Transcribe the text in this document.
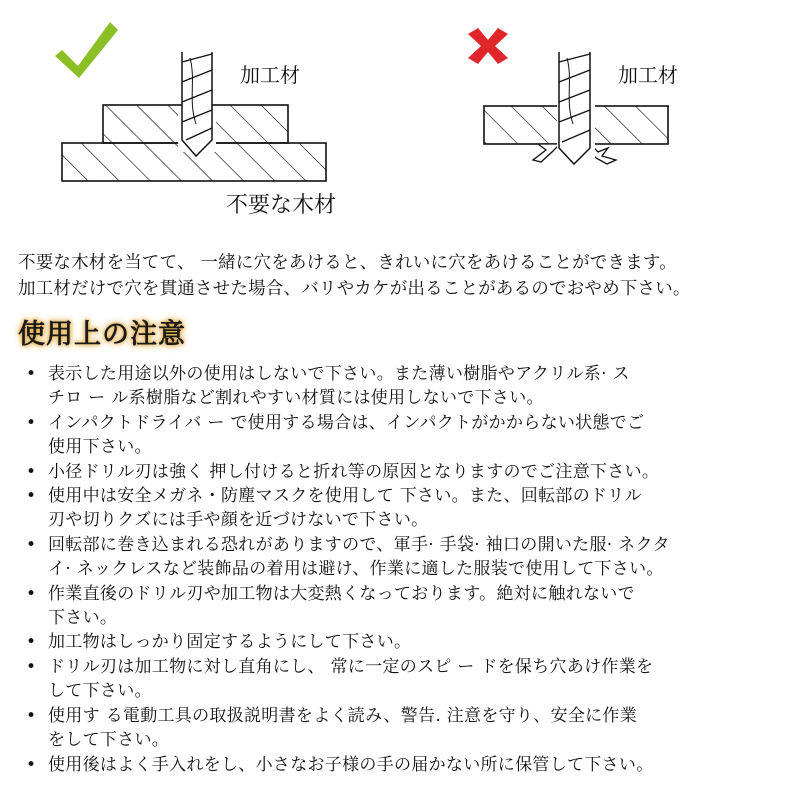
加工材
不要な木材
加工材

不要な木材を当てて、 一緒に穴をあけると、きれいに穴をあけることができます。

加工材だけで穴を貫通させた場合、バリやカケが出ることがあるのでおやめ下さい。

使用上の注意
• 表示した用途以外の使用はしないで下さい。また薄い樹脂やアクリル系· ス
チロ ー ル系樹脂など割れやすい材質には使用しないで下さい。
• インパクトドライバ ー で使用する場合は、インパクトがかからない状態でご
使用下さい。
• 小径ドリル刃は強く 押し付けると折れ等の原因となりますのでご注意下さい。
• 使用中は安全メガネ・防塵マスクを使用して 下さい。また、回転部のドリル
刃や切りクズには手や顔を近づけないで下さい。
• 回転部に巻き込まれる恐れがありますので、軍手· 手袋· 袖口の開いた服· ネクタ
イ· ネックレスなど装飾品の着用は避け、作業に適した服装で使用して下さい。
• 作業直後のドリル刃や加工物は大変熱くなっております。絶対に触れないで
下さい。
• 加工物はしっかり固定するようにして下さい。
• ドリル刃は加工物に対し直角にし、 常に一定のスピ ー ドを保ち穴あけ作業を
して下さい。
• 使用す る電動工具の取扱説明書をよく読み、警告. 注意を守り、安全に作業
をして下さい。
• 使用後はよく手入れをし、小さなお子様の手の届かない所に保管して下さい。
